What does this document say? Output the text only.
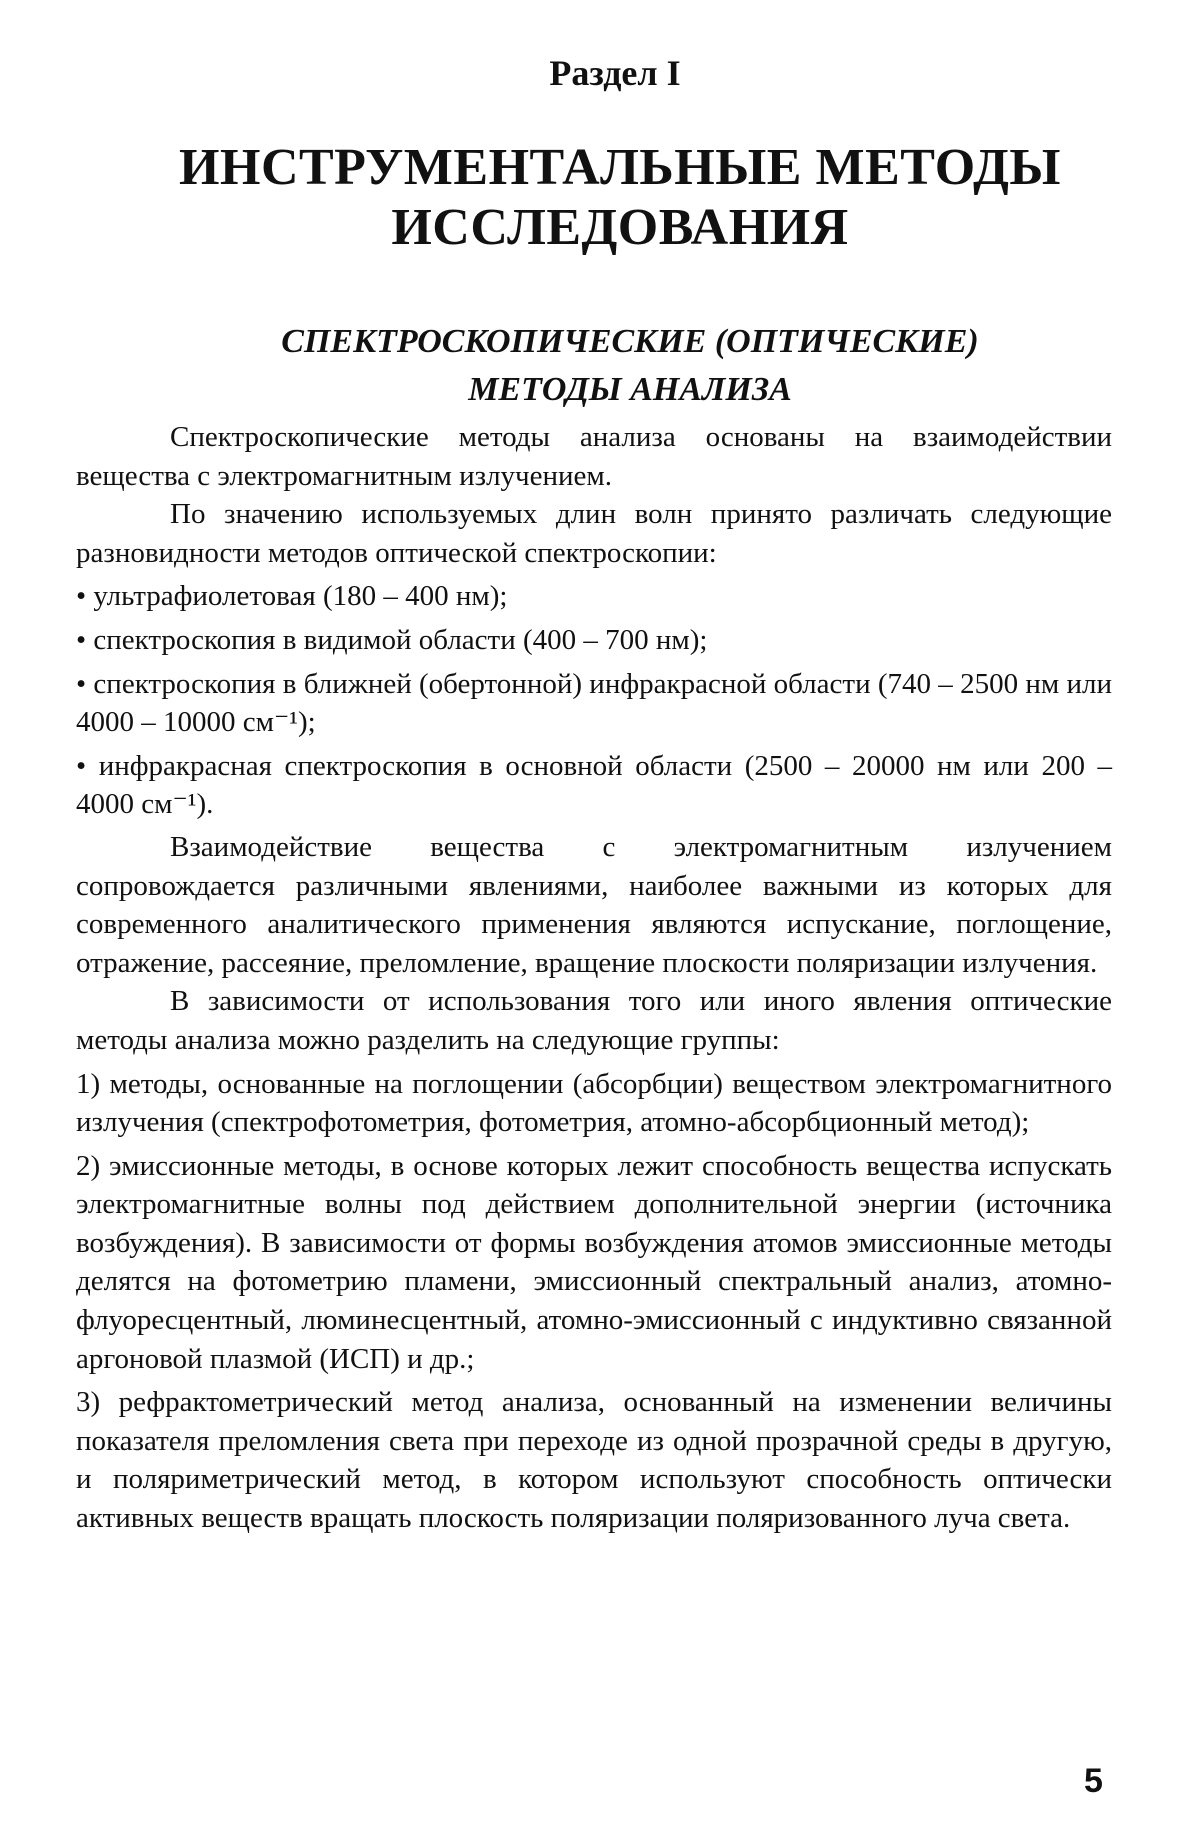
Раздел I

ИНСТРУМЕНТАЛЬНЫЕ МЕТОДЫ
ИССЛЕДОВАНИЯ
СПЕКТРОСКОПИЧЕСКИЕ (ОПТИЧЕСКИЕ)
МЕТОДЫ АНАЛИЗА

Спектроскопические методы анализа основаны на взаимодействии вещества с электромагнитным излучением.

По значению используемых длин волн принято различать следующие разновидности методов оптической спектроскопии:

• ультрафиолетовая (180 – 400 нм);

• спектроскопия в видимой области (400 – 700 нм);

• спектроскопия в ближней (обертонной) инфракрасной области (740 – 2500 нм или 4000 – 10000 см⁻¹);

• инфракрасная спектроскопия в основной области (2500 – 20000 нм или 200 – 4000 см⁻¹).

Взаимодействие вещества с электромагнитным излучением сопровождается различными явлениями, наиболее важными из которых для современного аналитического применения являются испускание, поглощение, отражение, рассеяние, преломление, вращение плоскости поляризации излучения.

В зависимости от использования того или иного явления оптические методы анализа можно разделить на следующие группы:

1) методы, основанные на поглощении (абсорбции) веществом электромагнитного излучения (спектрофотометрия, фотометрия, атомно-абсорбционный метод);

2) эмиссионные методы, в основе которых лежит способность вещества испускать электромагнитные волны под действием дополнительной энергии (источника возбуждения). В зависимости от формы возбуждения атомов эмиссионные методы делятся на фотометрию пламени, эмиссионный спектральный анализ, атомно-флуоресцентный, люминесцентный, атомно-эмиссионный с индуктивно связанной аргоновой плазмой (ИСП) и др.;

3) рефрактометрический метод анализа, основанный на изменении величины показателя преломления света при переходе из одной прозрачной среды в другую, и поляриметрический метод, в котором используют способность оптически активных веществ вращать плоскость поляризации поляризованного луча света.

5
